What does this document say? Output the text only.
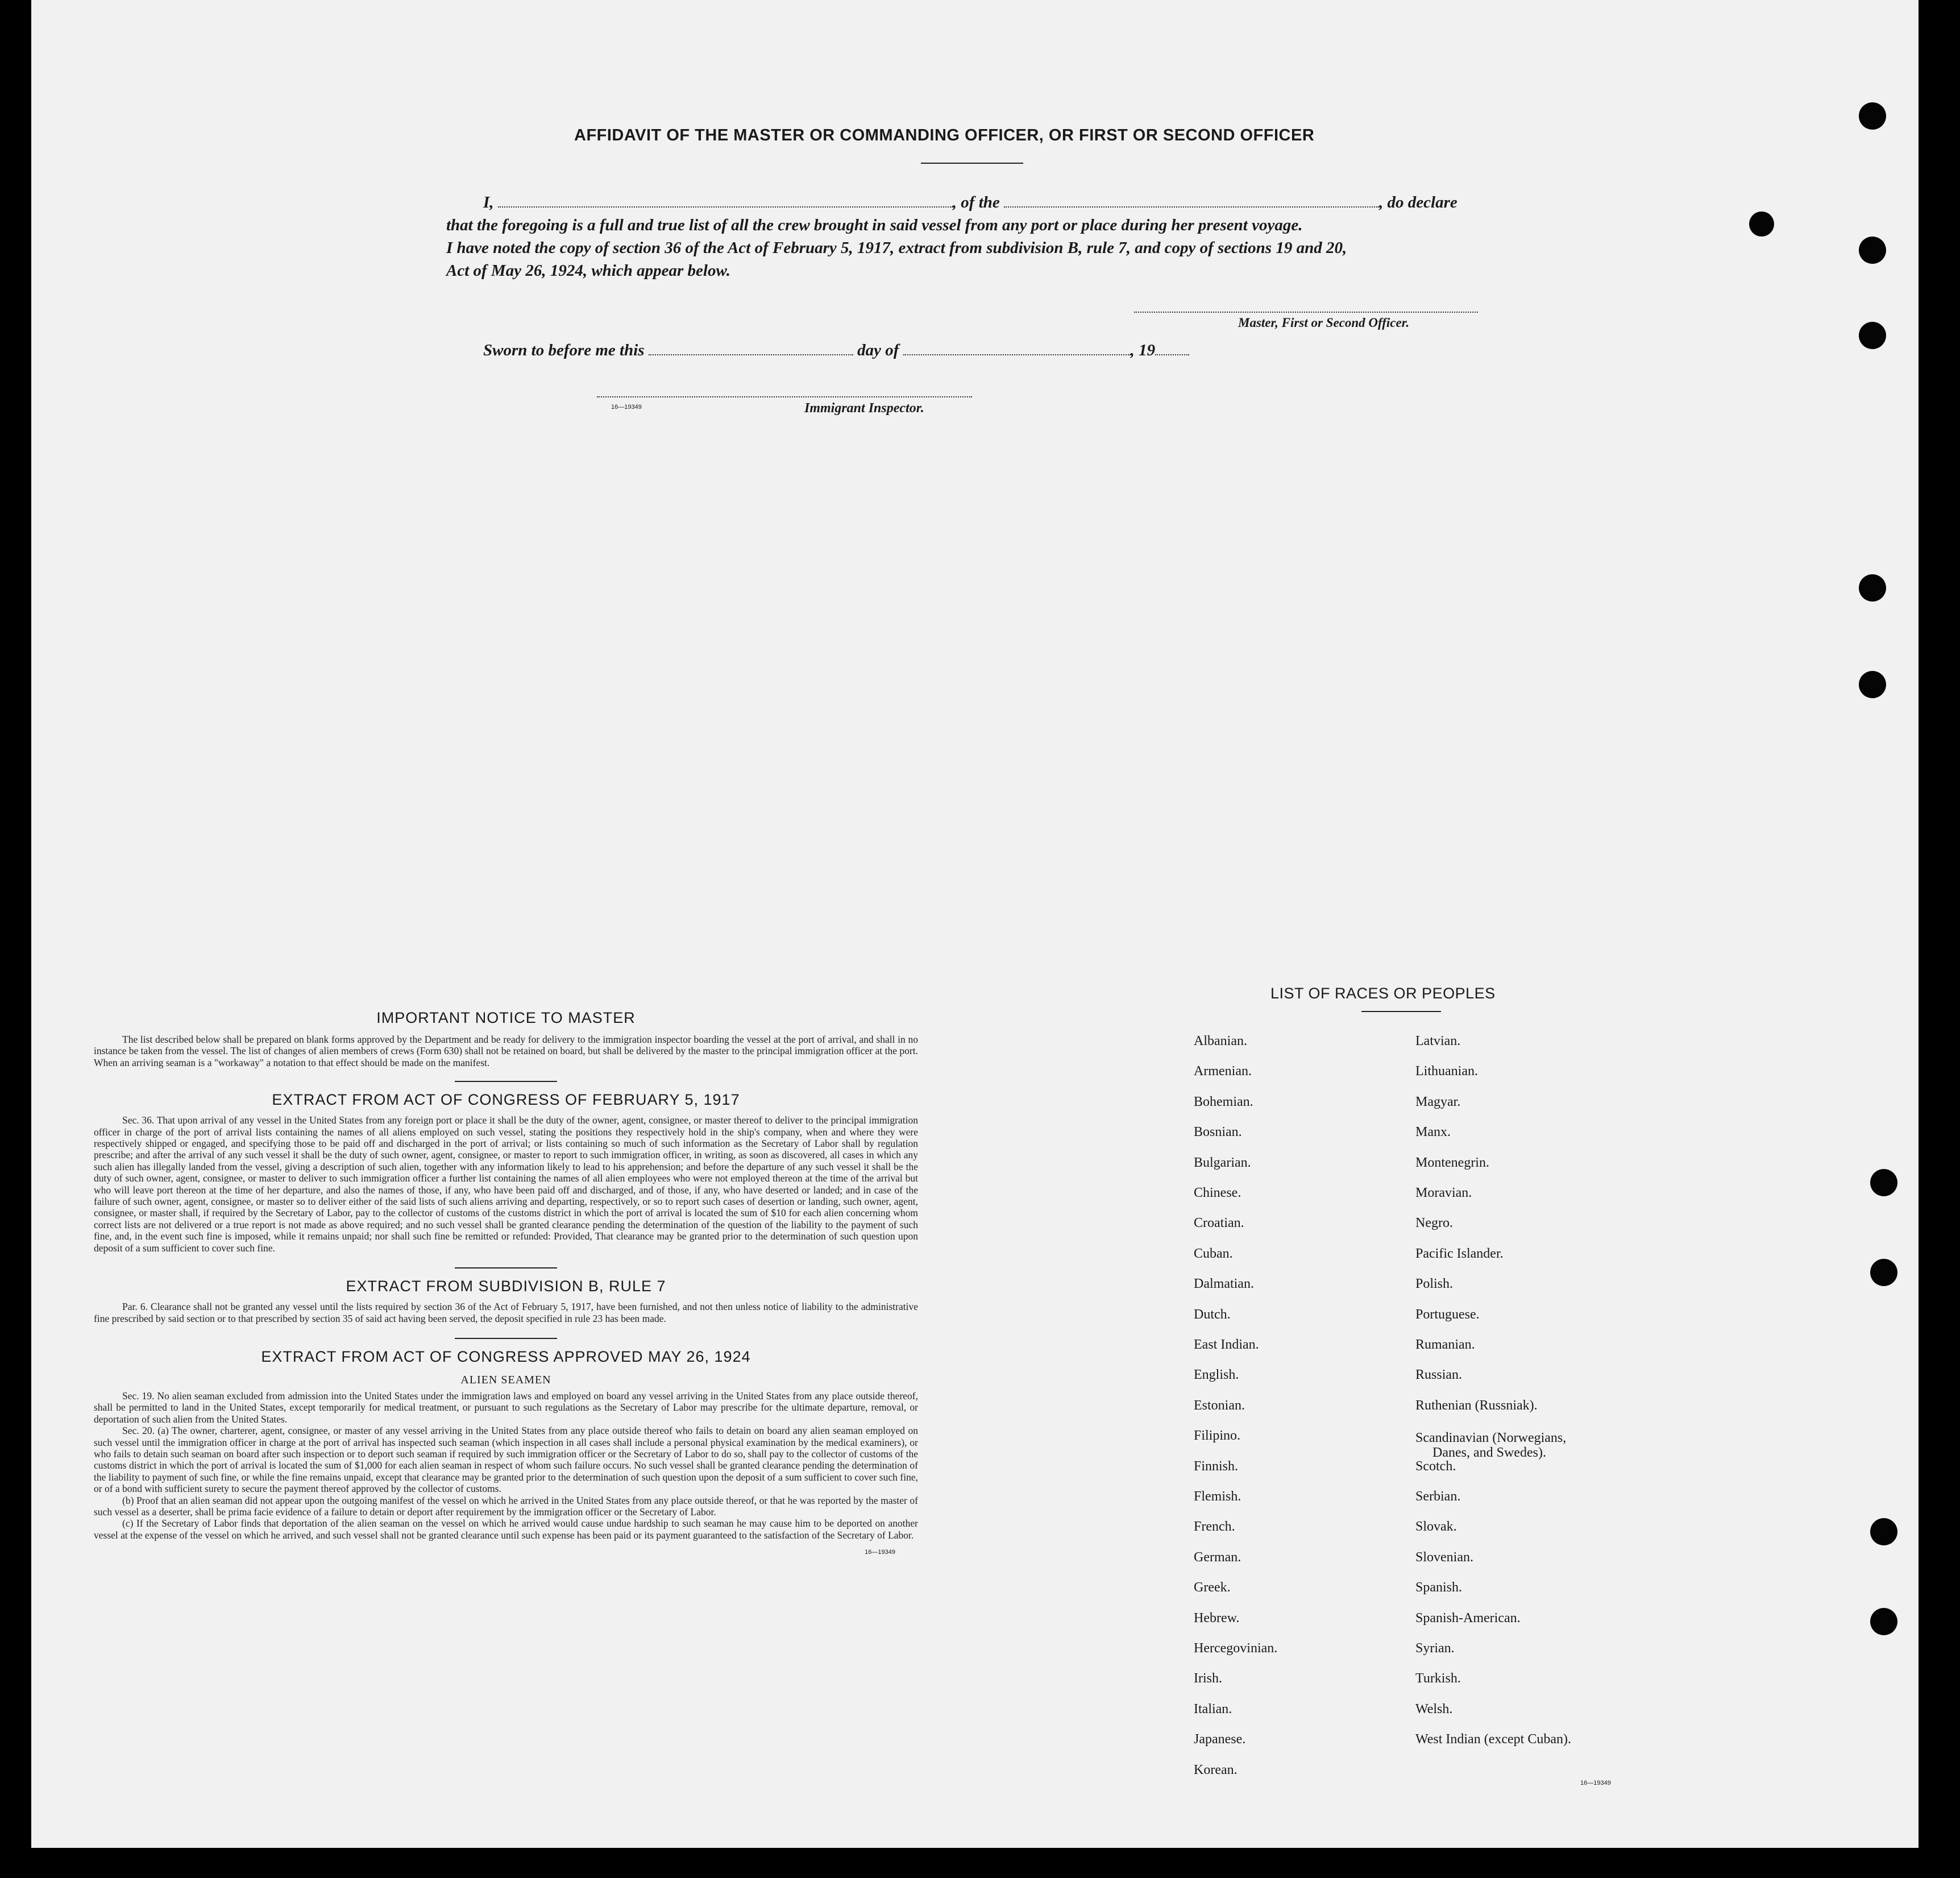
AFFIDAVIT OF THE MASTER OR COMMANDING OFFICER, OR FIRST OR SECOND OFFICER
I,	, of the	, do declare
that the foregoing is a full and true list of all the crew brought in said vessel from any port or place during her present voyage.
I have noted the copy of section 36 of the Act of February 5, 1917, extract from subdivision B, rule 7, and copy of sections 19 and 20,
Act of May 26, 1924, which appear below.
Master, First or Second Officer.
Sworn to before me this	day of	, 19
16—19349	Immigrant Inspector.
IMPORTANT NOTICE TO MASTER

The list described below shall be prepared on blank forms approved by the Department and be ready for delivery to the immigration inspector boarding the vessel at the port of arrival, and shall in no instance be taken from the vessel. The list of changes of alien members of crews (Form 630) shall not be retained on board, but shall be delivered by the master to the principal immigration officer at the port. When an arriving seaman is a "workaway" a notation to that effect should be made on the manifest.

EXTRACT FROM ACT OF CONGRESS OF FEBRUARY 5, 1917

Sec. 36. That upon arrival of any vessel in the United States from any foreign port or place it shall be the duty of the owner, agent, consignee, or master thereof to deliver to the principal immigration officer in charge of the port of arrival lists containing the names of all aliens employed on such vessel, stating the positions they respectively hold in the ship's company, when and where they were respectively shipped or engaged, and specifying those to be paid off and discharged in the port of arrival; or lists containing so much of such information as the Secretary of Labor shall by regulation prescribe; and after the arrival of any such vessel it shall be the duty of such owner, agent, consignee, or master to report to such immigration officer, in writing, as soon as discovered, all cases in which any such alien has illegally landed from the vessel, giving a description of such alien, together with any information likely to lead to his apprehension; and before the departure of any such vessel it shall be the duty of such owner, agent, consignee, or master to deliver to such immigration officer a further list containing the names of all alien employees who were not employed thereon at the time of the arrival but who will leave port thereon at the time of her departure, and also the names of those, if any, who have been paid off and discharged, and of those, if any, who have deserted or landed; and in case of the failure of such owner, agent, consignee, or master so to deliver either of the said lists of such aliens arriving and departing, respectively, or so to report such cases of desertion or landing, such owner, agent, consignee, or master shall, if required by the Secretary of Labor, pay to the collector of customs of the customs district in which the port of arrival is located the sum of $10 for each alien concerning whom correct lists are not delivered or a true report is not made as above required; and no such vessel shall be granted clearance pending the determination of the question of the liability to the payment of such fine, and, in the event such fine is imposed, while it remains unpaid; nor shall such fine be remitted or refunded: Provided, That clearance may be granted prior to the determination of such question upon deposit of a sum sufficient to cover such fine.

EXTRACT FROM SUBDIVISION B, RULE 7

Par. 6. Clearance shall not be granted any vessel until the lists required by section 36 of the Act of February 5, 1917, have been furnished, and not then unless notice of liability to the administrative fine prescribed by said section or to that prescribed by section 35 of said act having been served, the deposit specified in rule 23 has been made.

EXTRACT FROM ACT OF CONGRESS APPROVED MAY 26, 1924
ALIEN SEAMEN

Sec. 19. No alien seaman excluded from admission into the United States under the immigration laws and employed on board any vessel arriving in the United States from any place outside thereof, shall be permitted to land in the United States, except temporarily for medical treatment, or pursuant to such regulations as the Secretary of Labor may prescribe for the ultimate departure, removal, or deportation of such alien from the United States.

Sec. 20. (a) The owner, charterer, agent, consignee, or master of any vessel arriving in the United States from any place outside thereof who fails to detain on board any alien seaman employed on such vessel until the immigration officer in charge at the port of arrival has inspected such seaman (which inspection in all cases shall include a personal physical examination by the medical examiners), or who fails to detain such seaman on board after such inspection or to deport such seaman if required by such immigration officer or the Secretary of Labor to do so, shall pay to the collector of customs of the customs district in which the port of arrival is located the sum of $1,000 for each alien seaman in respect of whom such failure occurs. No such vessel shall be granted clearance pending the determination of the liability to payment of such fine, or while the fine remains unpaid, except that clearance may be granted prior to the determination of such question upon the deposit of a sum sufficient to cover such fine, or of a bond with sufficient surety to secure the payment thereof approved by the collector of customs.

(b) Proof that an alien seaman did not appear upon the outgoing manifest of the vessel on which he arrived in the United States from any place outside thereof, or that he was reported by the master of such vessel as a deserter, shall be prima facie evidence of a failure to detain or deport after requirement by the immigration officer or the Secretary of Labor.

(c) If the Secretary of Labor finds that deportation of the alien seaman on the vessel on which he arrived would cause undue hardship to such seaman he may cause him to be deported on another vessel at the expense of the vessel on which he arrived, and such vessel shall not be granted clearance until such expense has been paid or its payment guaranteed to the satisfaction of the Secretary of Labor.

16—19349
LIST OF RACES OR PEOPLES
Albanian.
Armenian.
Bohemian.
Bosnian.
Bulgarian.
Chinese.
Croatian.
Cuban.
Dalmatian.
Dutch.
East Indian.
English.
Estonian.
Filipino.
Finnish.
Flemish.
French.
German.
Greek.
Hebrew.
Hercegovinian.
Irish.
Italian.
Japanese.
Korean.
Latvian.
Lithuanian.
Magyar.
Manx.
Montenegrin.
Moravian.
Negro.
Pacific Islander.
Polish.
Portuguese.
Rumanian.
Russian.
Ruthenian (Russniak).
Scandinavian (Norwegians,
Danes, and Swedes).
Scotch.
Serbian.
Slovak.
Slovenian.
Spanish.
Spanish-American.
Syrian.
Turkish.
Welsh.
West Indian (except Cuban).
16—19349
